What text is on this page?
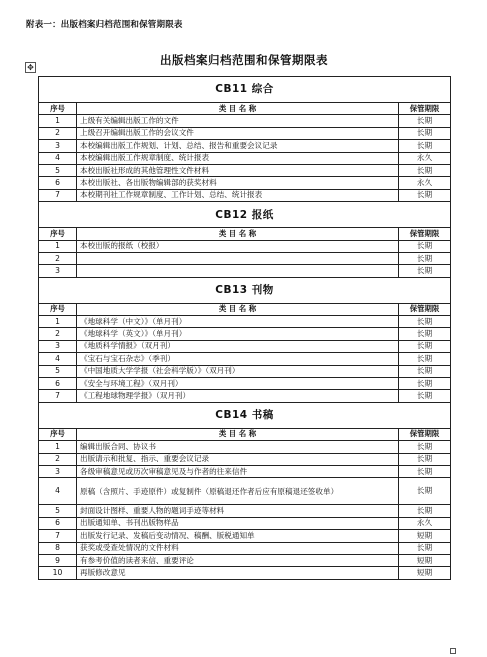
附表一：出版档案归档范围和保管期限表
✥	出版档案归档范围和保管期限表
CB11 综合		
序号	类 目 名 称	保管期限
1	上级有关编辑出版工作的文件	长期
2	上级召开编辑出版工作的会议文件	长期
3	本校编辑出版工作规划、计划、总结、报告和重要会议记录	长期
4	本校编辑出版工作规章制度、统计报表	永久
5	本校出版社形成的其他管理性文件材料	长期
6	本校出版社、各出版物编辑部的获奖材料	永久
7	本校期刊社工作规章制度、工作计划、总结、统计报表	长期
CB12 报纸		
序号	类 目 名 称	保管期限
1	本校出版的报纸（校报）	长期
2		长期
3		长期
CB13 刊物		
序号	类 目 名 称	保管期限
1	《地球科学（中文）》（单月刊）	长期
2	《地球科学（英文）》（单月刊）	长期
3	《地质科学情报》（双月刊）	长期
4	《宝石与宝石杂志》（季刊）	长期
5	《中国地质大学学报（社会科学版）》（双月刊）	长期
6	《安全与环境工程》（双月刊）	长期
7	《工程地球物理学报》（双月刊）	长期
CB14 书稿		
序号	类 目 名 称	保管期限
1	编辑出版合同、协议书	长期
2	出版请示和批复、指示、重要会议记录	长期
3	各级审稿意见或历次审稿意见及与作者的往来信件	长期
4	原稿（含照片、手迹原件）或复制件（原稿退还作者后应有原稿退还签收单）	长期
5	封面设计图样、重要人物的题词手迹等材料	长期
6	出版通知单、书刊出版物样品	永久
7	出版发行记录、发稿后变动情况、稿酬、版税通知单	短期
8	获奖或受查处情况的文件材料	长期
9	有参考价值的读者来信、重要评论	短期
10	再版修改意见	短期
